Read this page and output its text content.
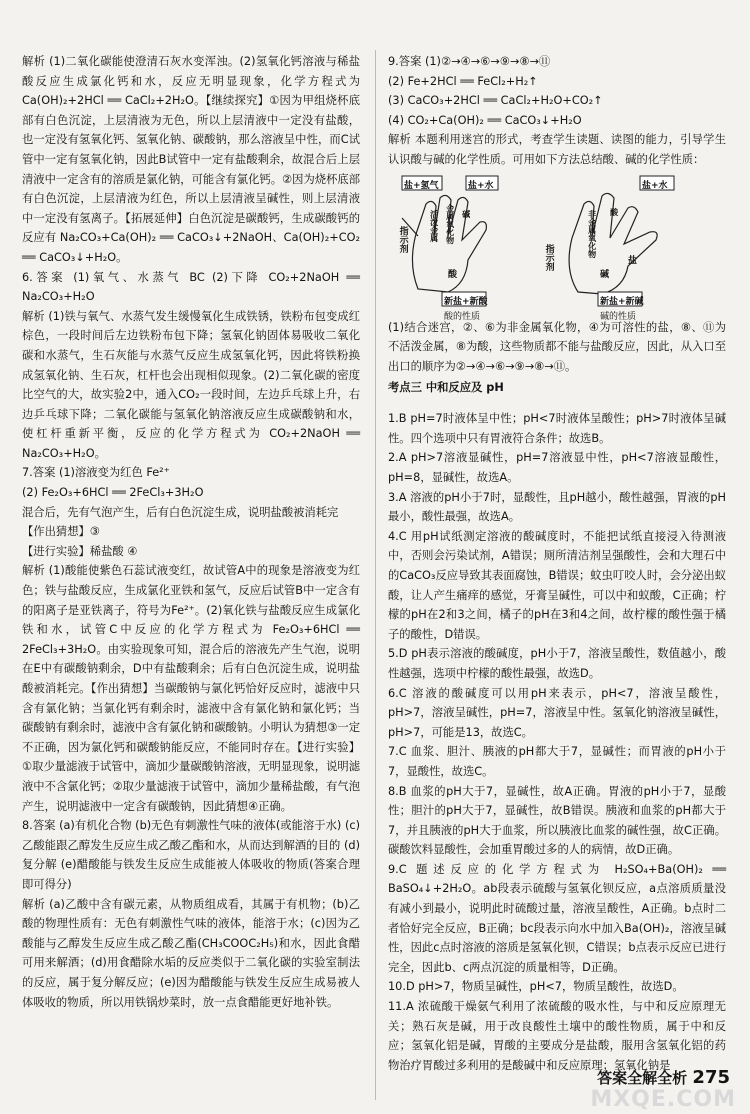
解析 (1)二氧化碳能使澄清石灰水变浑浊。(2)氢氧化钙溶液与稀盐酸反应生成氯化钙和水，反应无明显现象，化学方程式为 Ca(OH)₂+2HCl ══ CaCl₂+2H₂O。【继续探究】①因为甲组烧杯底部有白色沉淀，上层清液为无色，所以上层清液中一定没有盐酸，也一定没有氢氧化钙、氢氧化钠、碳酸钠，那么溶液呈中性，而C试管中一定有氢氧化钠，因此B试管中一定有盐酸剩余，故混合后上层清液中一定含有的溶质是氯化钠，可能含有氯化钙。②因为烧杯底部有白色沉淀，上层清液为红色，所以上层清液呈碱性，则上层清液中一定没有氢离子。【拓展延伸】白色沉淀是碳酸钙，生成碳酸钙的反应有 Na₂CO₃+Ca(OH)₂ ══ CaCO₃↓+2NaOH、Ca(OH)₂+CO₂ ══ CaCO₃↓+H₂O。

6.答案 (1)氧气、水蒸气 BC (2)下降 CO₂+2NaOH ══ Na₂CO₃+H₂O

解析 (1)铁与氧气、水蒸气发生缓慢氧化生成铁锈，铁粉布包变成红棕色，一段时间后左边铁粉布包下降；氢氧化钠固体易吸收二氧化碳和水蒸气，生石灰能与水蒸气反应生成氢氧化钙，因此将铁粉换成氢氧化钠、生石灰，杠杆也会出现相似现象。(2)二氧化碳的密度比空气的大，故实验2中，通入CO₂一段时间，左边乒乓球上升，右边乒乓球下降；二氧化碳能与氢氧化钠溶液反应生成碳酸钠和水，使杠杆重新平衡，反应的化学方程式为 CO₂+2NaOH ══ Na₂CO₃+H₂O。

7.答案 (1)溶液变为红色 Fe²⁺

(2) Fe₂O₃+6HCl ══ 2FeCl₃+3H₂O

混合后，先有气泡产生，后有白色沉淀生成，说明盐酸被消耗完

【作出猜想】③

【进行实验】稀盐酸 ④

解析 (1)酸能使紫色石蕊试液变红，故试管A中的现象是溶液变为红色；铁与盐酸反应，生成氯化亚铁和氢气，反应后试管B中一定含有的阳离子是亚铁离子，符号为Fe²⁺。(2)氧化铁与盐酸反应生成氯化铁和水，试管C中反应的化学方程式为 Fe₂O₃+6HCl ══ 2FeCl₃+3H₂O。由实验现象可知，混合后的溶液先产生气泡，说明在E中有碳酸钠剩余，D中有盐酸剩余；后有白色沉淀生成，说明盐酸被消耗完。【作出猜想】当碳酸钠与氯化钙恰好反应时，滤液中只含有氯化钠；当氯化钙有剩余时，滤液中含有氯化钠和氯化钙；当碳酸钠有剩余时，滤液中含有氯化钠和碳酸钠。小明认为猜想③一定不正确，因为氯化钙和碳酸钠能反应，不能同时存在。【进行实验】①取少量滤液于试管中，滴加少量碳酸钠溶液，无明显现象，说明滤液中不含氯化钙；②取少量滤液于试管中，滴加少量稀盐酸，有气泡产生，说明滤液中一定含有碳酸钠，因此猜想④正确。

8.答案 (a)有机化合物 (b)无色有刺激性气味的液体(或能溶于水) (c)乙酸能跟乙醇发生反应生成乙酸乙酯和水，从而达到解酒的目的 (d)复分解 (e)醋酸能与铁发生反应生成能被人体吸收的物质(答案合理即可得分)

解析 (a)乙酸中含有碳元素，从物质组成看，其属于有机物；(b)乙酸的物理性质有：无色有刺激性气味的液体，能溶于水；(c)因为乙酸能与乙醇发生反应生成乙酸乙酯(CH₃COOC₂H₅)和水，因此食醋可用来解酒；(d)用食醋除水垢的反应类似于二氧化碳的实验室制法的反应，属于复分解反应；(e)因为醋酸能与铁发生反应生成易被人体吸收的物质，所以用铁锅炒菜时，放一点食醋能更好地补铁。

9.答案 (1)②→④→⑥→⑨→⑧→⑪

(2) Fe+2HCl ══ FeCl₂+H₂↑

(3) CaCO₃+2HCl ══ CaCl₂+H₂O+CO₂↑

(4) CO₂+Ca(OH)₂ ══ CaCO₃↓+H₂O

解析 本题利用迷宫的形式，考查学生读题、读图的能力，引导学生认识酸与碱的化学性质。可用如下方法总结酸、碱的化学性质：

盐+氢气	盐+水
新盐+新酸
盐+水
新盐+新碱
指示剂	活泼金属 金属氧化物 碱
酸
非金属氧化物	酸
指示剂
碱
盐
酸的性质	碱的性质

(1)结合迷宫，②、⑥为非金属氧化物，④为可溶性的盐，⑧、⑪为不活泼金属，⑧为酸，这些物质都不能与盐酸反应，因此，从入口至出口的顺序为②→④→⑥→⑨→⑧→⑪。

考点三 中和反应及 pH

1.B pH=7时液体呈中性；pH<7时液体呈酸性；pH>7时液体呈碱性。四个选项中只有胃液符合条件；故选B。

2.A pH>7溶液显碱性，pH=7溶液显中性，pH<7溶液显酸性，pH=8，显碱性，故选A。

3.A 溶液的pH小于7时，显酸性，且pH越小，酸性越强，胃液的pH最小，酸性最强，故选A。

4.C 用pH试纸测定溶液的酸碱度时，不能把试纸直接浸入待测液中，否则会污染试剂，A错误；厕所清洁剂呈强酸性，会和大理石中的CaCO₃反应导致其表面腐蚀，B错误；蚊虫叮咬人时，会分泌出蚁酸，让人产生痛痒的感觉，牙膏呈碱性，可以中和蚁酸，C正确；柠檬的pH在2和3之间，橘子的pH在3和4之间，故柠檬的酸性强于橘子的酸性，D错误。

5.D pH表示溶液的酸碱度，pH小于7，溶液呈酸性，数值越小，酸性越强，选项中柠檬的酸性最强，故选D。

6.C 溶液的酸碱度可以用pH来表示，pH<7，溶液呈酸性，pH>7，溶液呈碱性，pH=7，溶液呈中性。氢氧化钠溶液呈碱性，pH>7，可能是13，故选C。

7.C 血浆、胆汁、胰液的pH都大于7，显碱性；而胃液的pH小于7，显酸性，故选C。

8.B 血浆的pH大于7，显碱性，故A正确。胃液的pH小于7，显酸性；胆汁的pH大于7，显碱性，故B错误。胰液和血浆的pH都大于7，并且胰液的pH大于血浆，所以胰液比血浆的碱性强，故C正确。碳酸饮料显酸性，会加重胃酸过多的人的病情，故D正确。

9.C 题述反应的化学方程式为 H₂SO₄+Ba(OH)₂ ══ BaSO₄↓+2H₂O。ab段表示硫酸与氢氧化钡反应，a点溶质质量没有减小到最小，说明此时硫酸过量，溶液呈酸性，A正确。b点时二者恰好完全反应，B正确；bc段表示向水中加入Ba(OH)₂，溶液呈碱性，因此c点时溶液的溶质是氢氧化钡，C错误；b点表示反应已进行完全，因此b、c两点沉淀的质量相等，D正确。

10.D pH>7，物质呈碱性，pH<7，物质呈酸性，故选D。

11.A 浓硫酸干燥氨气利用了浓硫酸的吸水性，与中和反应原理无关；熟石灰是碱，用于改良酸性土壤中的酸性物质，属于中和反应；氢氧化铝是碱，胃酸的主要成分是盐酸，服用含氢氧化铝的药物治疗胃酸过多利用的是酸碱中和反应原理；氢氧化钠是

答案全解全析 275
MXQE.COM
